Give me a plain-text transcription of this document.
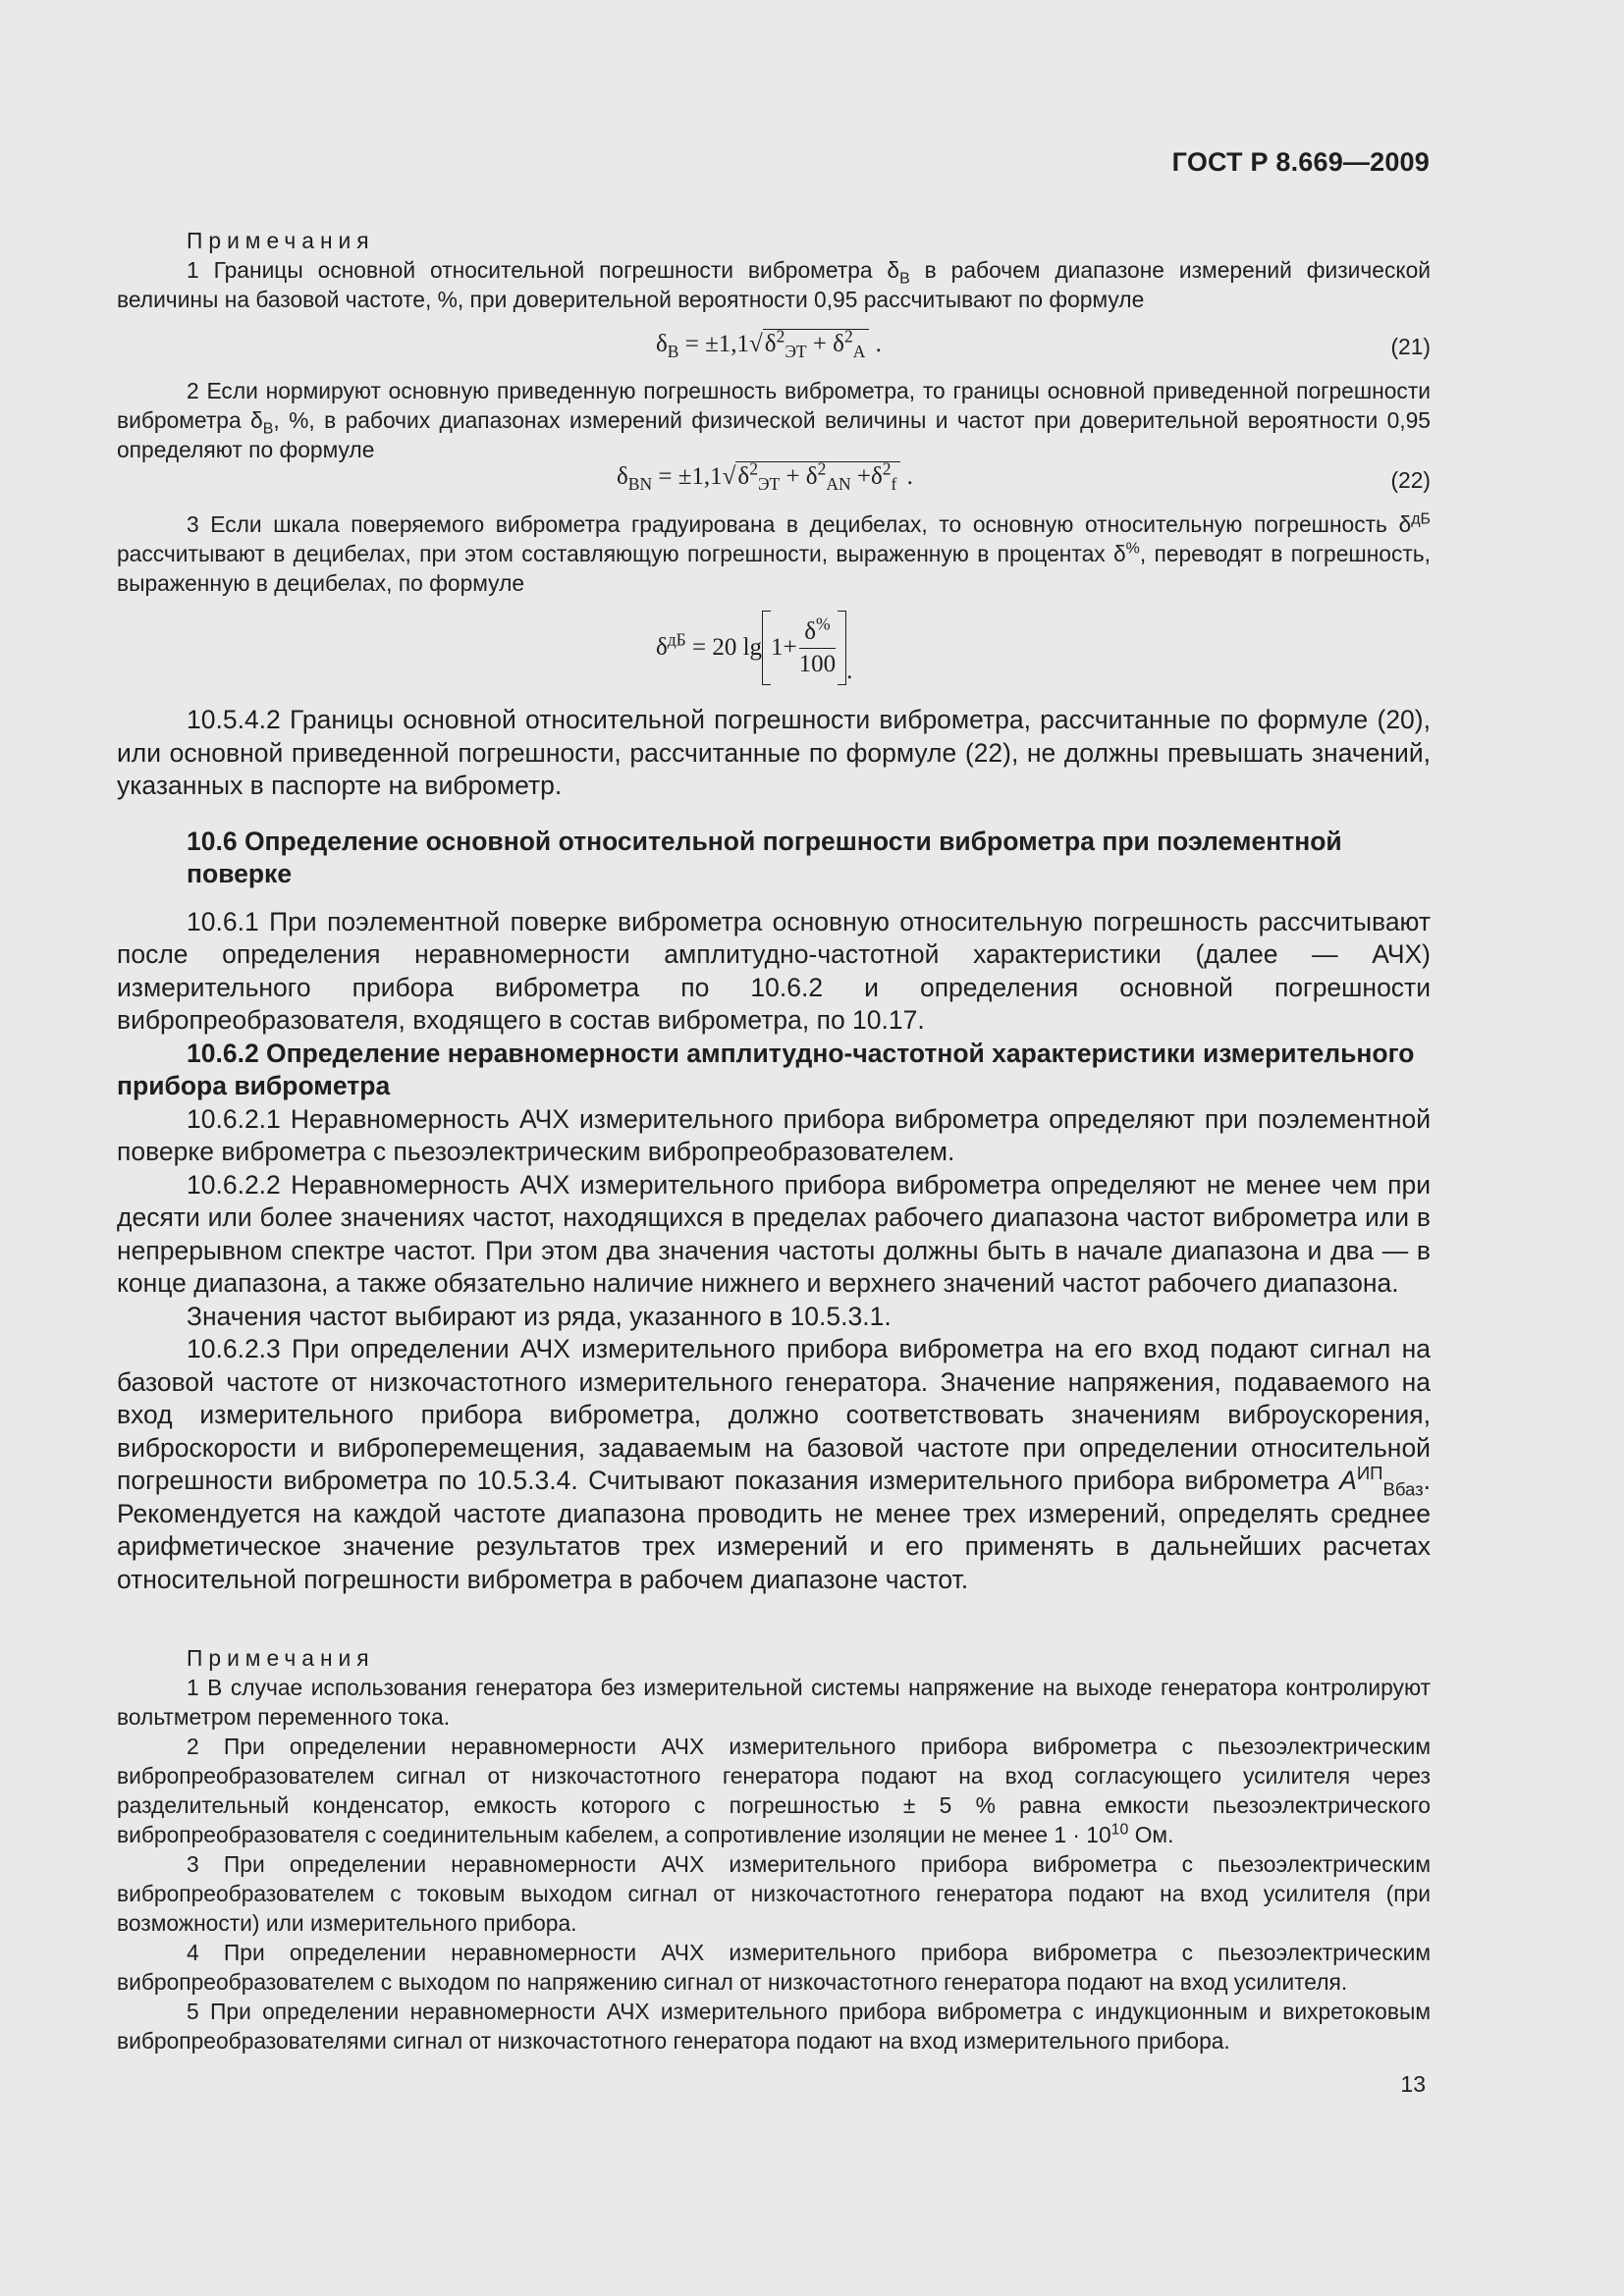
ГОСТ Р 8.669—2009

Примечания

1 Границы основной относительной погрешности виброметра $\delta_В$ в рабочем диапазоне измерений физической величины на базовой частоте, %, при доверительной вероятности 0,95 рассчитывают по формуле

$\delta_В = \pm 1,1√\delta^2_{ЭТ} + \delta^2_A$ .	(21)

2 Если нормируют основную приведенную погрешность виброметра, то границы основной приведенной погрешности виброметра $\delta_В$, %, в рабочих диапазонах измерений физической величины и частот при доверительной вероятности 0,95 определяют по формуле

$\delta_{BN} = \pm 1,1√\delta^2_{ЭТ} + \delta^2_{AN} +\delta^2_f$ .	(22)

3 Если шкала поверяемого виброметра градуирована в децибелах, то основную относительную погрешность $\delta^{дБ}$ рассчитывают в децибелах, при этом составляющую погрешности, выраженную в процентах δ%, переводят в погрешность, выраженную в децибелах, по формуле

$\delta^{дБ} = 20$ $\lg 1+ \frac{\delta^{\%}}{100}$ .

10.5.4.2 Границы основной относительной погрешности виброметра, рассчитанные по формуле (20), или основной приведенной погрешности, рассчитанные по формуле (22), не должны превышать значений, указанных в паспорте на виброметр.

10.6 Определение основной относительной погрешности виброметра при поэлементной поверке

10.6.1 При поэлементной поверке виброметра основную относительную погрешность рассчитывают после определения неравномерности амплитудно-частотной характеристики (далее — АЧХ) измерительного прибора виброметра по 10.6.2 и определения основной погрешности вибропреобразователя, входящего в состав виброметра, по 10.17.

10.6.2 Определение неравномерности амплитудно-частотной характеристики измерительного прибора виброметра

10.6.2.1 Неравномерность АЧХ измерительного прибора виброметра определяют при поэлементной поверке виброметра с пьезоэлектрическим вибропреобразователем.

10.6.2.2 Неравномерность АЧХ измерительного прибора виброметра определяют не менее чем при десяти или более значениях частот, находящихся в пределах рабочего диапазона частот виброметра или в непрерывном спектре частот. При этом два значения частоты должны быть в начале диапазона и два — в конце диапазона, а также обязательно наличие нижнего и верхнего значений частот рабочего диапазона.

Значения частот выбирают из ряда, указанного в 10.5.3.1.

10.6.2.3 При определении АЧХ измерительного прибора виброметра на его вход подают сигнал на базовой частоте от низкочастотного измерительного генератора. Значение напряжения, подаваемого на вход измерительного прибора виброметра, должно соответствовать значениям виброускорения, виброскорости и виброперемещения, задаваемым на базовой частоте при определении относительной погрешности виброметра по 10.5.3.4. Считывают показания измерительного прибора виброметра $A^{ИП}_{Вбаз}$. Рекомендуется на каждой частоте диапазона проводить не менее трех измерений, определять среднее арифметическое значение результатов трех измерений и его применять в дальнейших расчетах относительной погрешности виброметра в рабочем диапазоне частот.

Примечания

1 В случае использования генератора без измерительной системы напряжение на выходе генератора контролируют вольтметром переменного тока.

2 При определении неравномерности АЧХ измерительного прибора виброметра с пьезоэлектрическим вибропреобразователем сигнал от низкочастотного генератора подают на вход согласующего усилителя через разделительный конденсатор, емкость которого с погрешностью ± 5 % равна емкости пьезоэлектрического вибропреобразователя с соединительным кабелем, а сопротивление изоляции не менее $1 \cdot 10^{10}$ Ом.

3 При определении неравномерности АЧХ измерительного прибора виброметра с пьезоэлектрическим вибропреобразователем с токовым выходом сигнал от низкочастотного генератора подают на вход усилителя (при возможности) или измерительного прибора.

4 При определении неравномерности АЧХ измерительного прибора виброметра с пьезоэлектрическим вибропреобразователем с выходом по напряжению сигнал от низкочастотного генератора подают на вход усилителя.

5 При определении неравномерности АЧХ измерительного прибора виброметра с индукционным и вихретоковым вибропреобразователями сигнал от низкочастотного генератора подают на вход измерительного прибора.

13
